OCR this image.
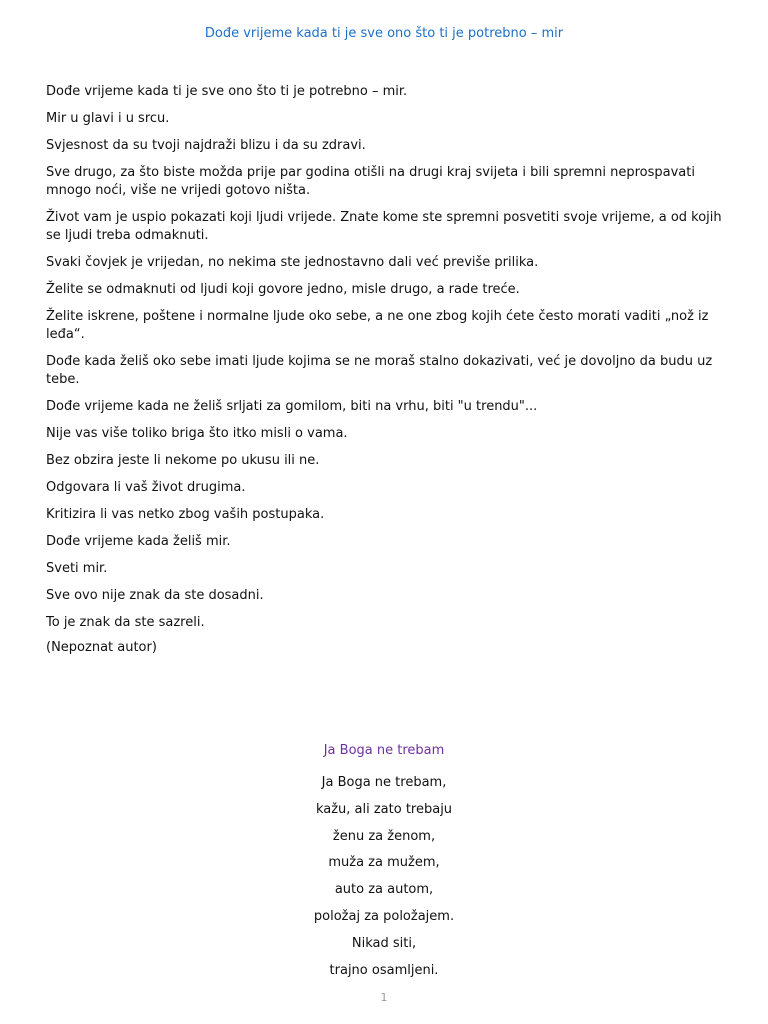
Dođe vrijeme kada ti je sve ono što ti je potrebno – mir

Dođe vrijeme kada ti je sve ono što ti je potrebno – mir.

Mir u glavi i u srcu.

Svjesnost da su tvoji najdraži blizu i da su zdravi.

Sve drugo, za što biste možda prije par godina otišli na drugi kraj svijeta i bili spremni neprospavati mnogo noći, više ne vrijedi gotovo ništa.

Život vam je uspio pokazati koji ljudi vrijede. Znate kome ste spremni posvetiti svoje vrijeme, a od kojih se ljudi treba odmaknuti.

Svaki čovjek je vrijedan, no nekima ste jednostavno dali već previše prilika.

Želite se odmaknuti od ljudi koji govore jedno, misle drugo, a rade treće.

Želite iskrene, poštene i normalne ljude oko sebe, a ne one zbog kojih ćete često morati vaditi „nož iz leđa“.

Dođe kada želiš oko sebe imati ljude kojima se ne moraš stalno dokazivati, već je dovoljno da budu uz tebe.

Dođe vrijeme kada ne želiš srljati za gomilom, biti na vrhu, biti "u trendu"...

Nije vas više toliko briga što itko misli o vama.

Bez obzira jeste li nekome po ukusu ili ne.

Odgovara li vaš život drugima.

Kritizira li vas netko zbog vaših postupaka.

Dođe vrijeme kada želiš mir.

Sveti mir.

Sve ovo nije znak da ste dosadni.

To je znak da ste sazreli.

(Nepoznat autor)
Ja Boga ne trebam
Ja Boga ne trebam,
kažu, ali zato trebaju
ženu za ženom,
muža za mužem,
auto za autom,
položaj za položajem.
Nikad siti,
trajno osamljeni.
1
